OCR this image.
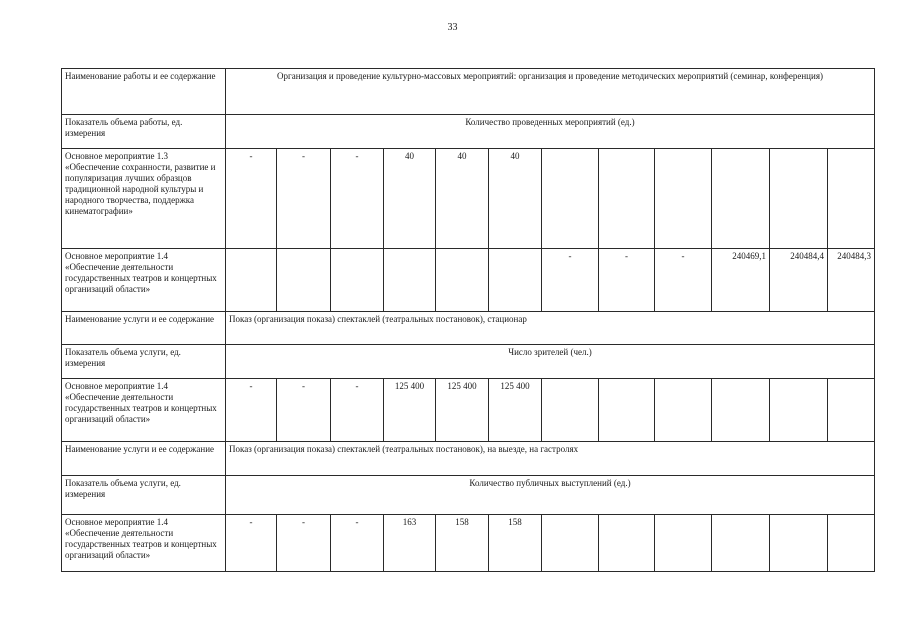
33
Наименование работы и ее содержание	Организация и проведение культурно-массовых мероприятий: организация и проведение методических мероприятий (семинар, конференция)											
Показатель объема работы, ед. измерения	Количество проведенных мероприятий (ед.)											
Основное мероприятие 1.3 «Обеспечение сохранности, развитие и популяризация лучших образцов традиционной народной культуры и народного творчества, поддержка кинематографии»	-	-	-	40	40	40						
Основное мероприятие 1.4 «Обеспечение деятельности государственных театров и концертных организаций области»							-	-	-	240469,1	240484,4	240484,3
Наименование услуги и ее содержание	Показ (организация показа) спектаклей (театральных постановок), стационар											
Показатель объема услуги, ед. измерения	Число зрителей (чел.)											
Основное мероприятие 1.4 «Обеспечение деятельности государственных театров и концертных организаций области»	-	-	-	125 400	125 400	125 400						
Наименование услуги и ее содержание	Показ (организация показа) спектаклей (театральных постановок), на выезде, на гастролях											
Показатель объема услуги, ед. измерения	Количество публичных выступлений (ед.)											
Основное мероприятие 1.4 «Обеспечение деятельности государственных театров и концертных организаций области»	-	-	-	163	158	158						
